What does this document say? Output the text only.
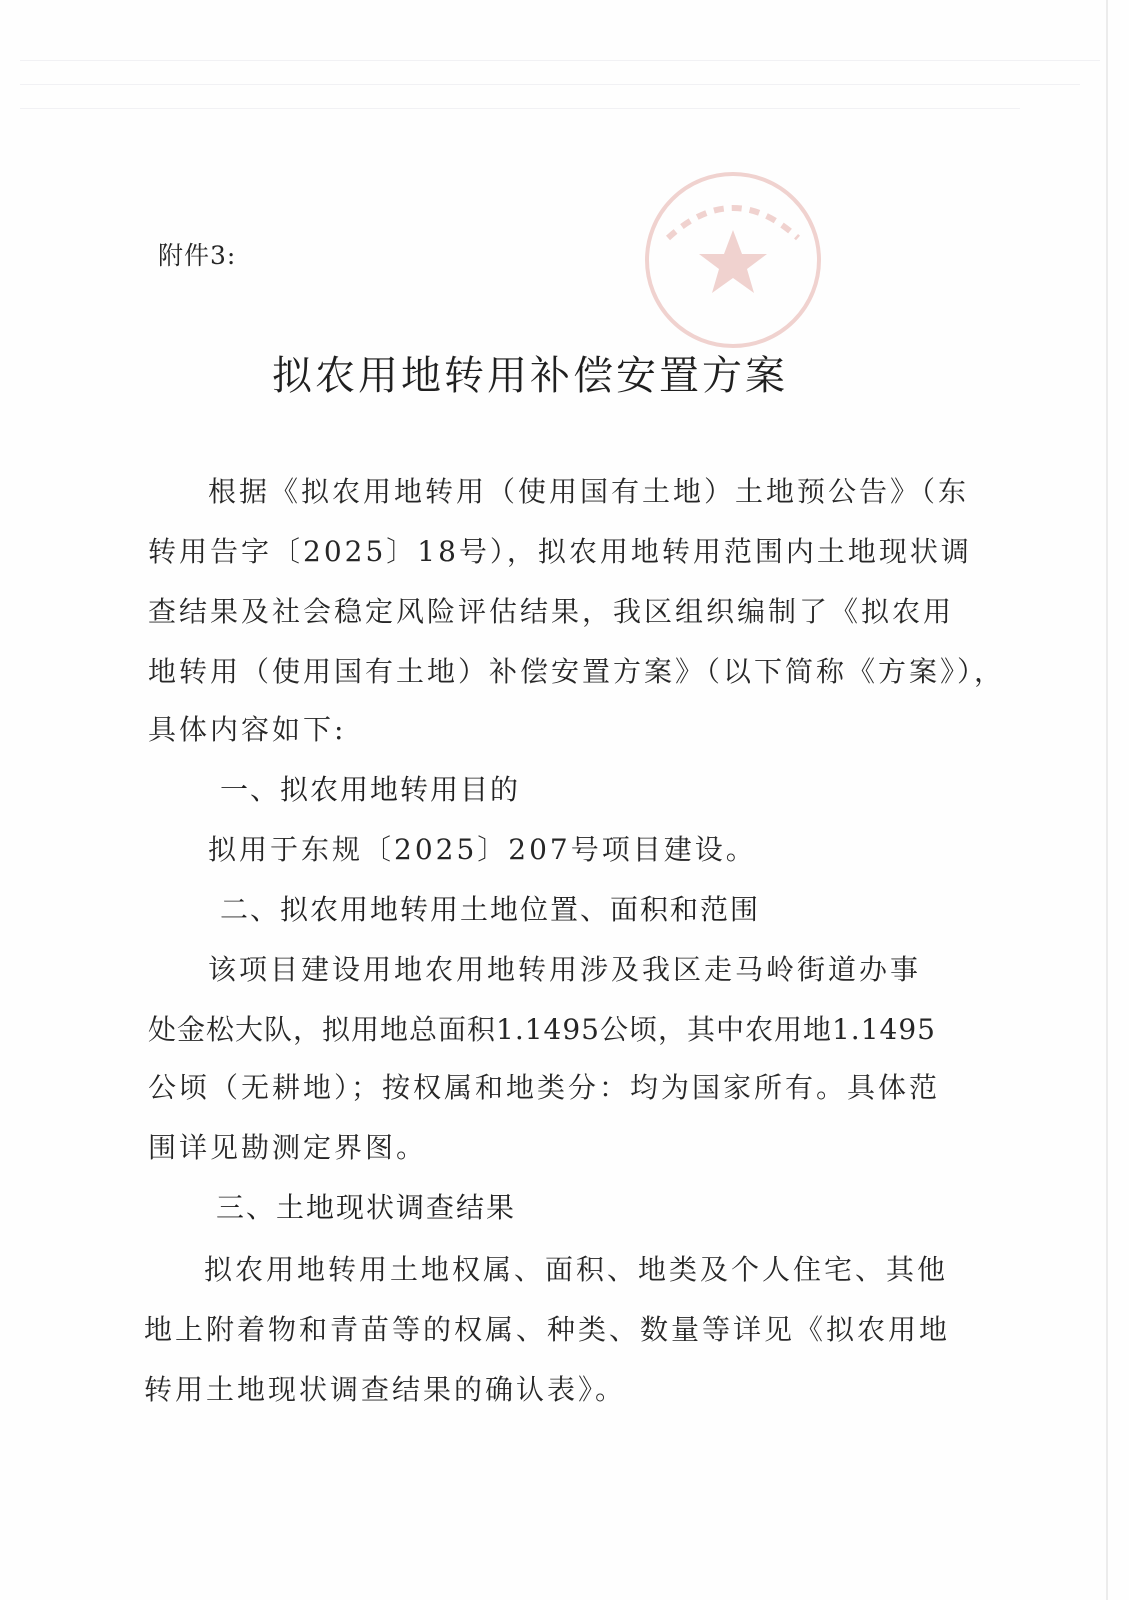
附件3:
拟农用地转用补偿安置方案
根据《拟农用地转用（使用国有土地）土地预公告》（东
转用告字〔2025〕18号），拟农用地转用范围内土地现状调
查结果及社会稳定风险评估结果，我区组织编制了《拟农用
地转用（使用国有土地）补偿安置方案》（以下简称《方案》），
具体内容如下:
一、拟农用地转用目的
拟用于东规〔2025〕207号项目建设。
二、拟农用地转用土地位置、面积和范围
该项目建设用地农用地转用涉及我区走马岭街道办事
处金松大队，拟用地总面积1.1495公顷，其中农用地1.1495
公顷（无耕地）；按权属和地类分：均为国家所有。具体范
围详见勘测定界图。
三、土地现状调查结果
拟农用地转用土地权属、面积、地类及个人住宅、其他
地上附着物和青苗等的权属、种类、数量等详见《拟农用地
转用土地现状调查结果的确认表》。
